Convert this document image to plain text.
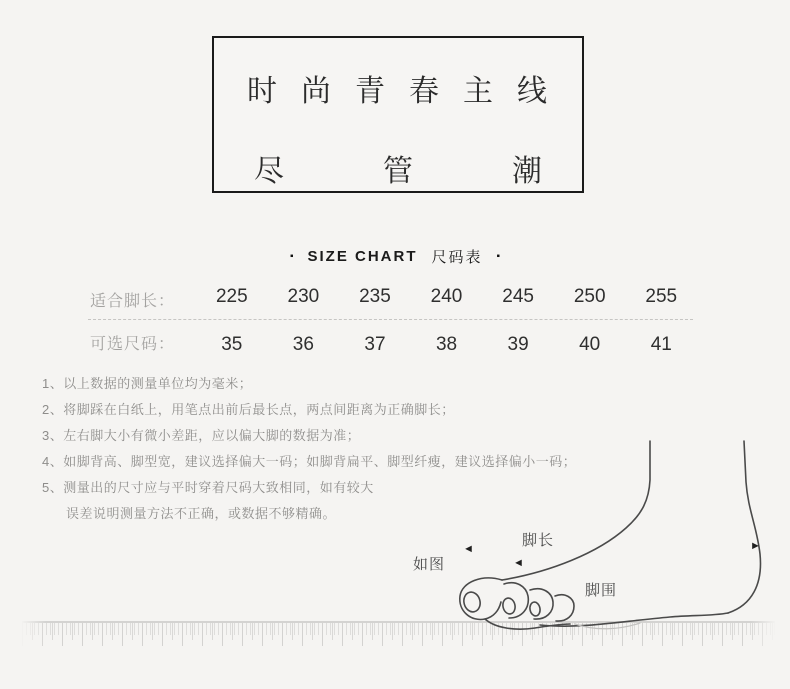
时尚青春主线
尽	管	潮
▪ SIZE CHART 尺码表 ▪
适合脚长：	225	230	235	240	245	250	255
可选尺码：	35	36	37	38	39	40	41
1、以上数据的测量单位均为毫米；
2、将脚踩在白纸上，用笔点出前后最长点，两点间距离为正确脚长；
3、左右脚大小有微小差距，应以偏大脚的数据为准；
4、如脚背高、脚型宽，建议选择偏大一码；如脚背扁平、脚型纤瘦，建议选择偏小一码；
5、测量出的尺寸应与平时穿着尺码大致相同，如有较大
误差说明测量方法不正确，或数据不够精确。
脚长
如图
脚围
◄
◄
►
